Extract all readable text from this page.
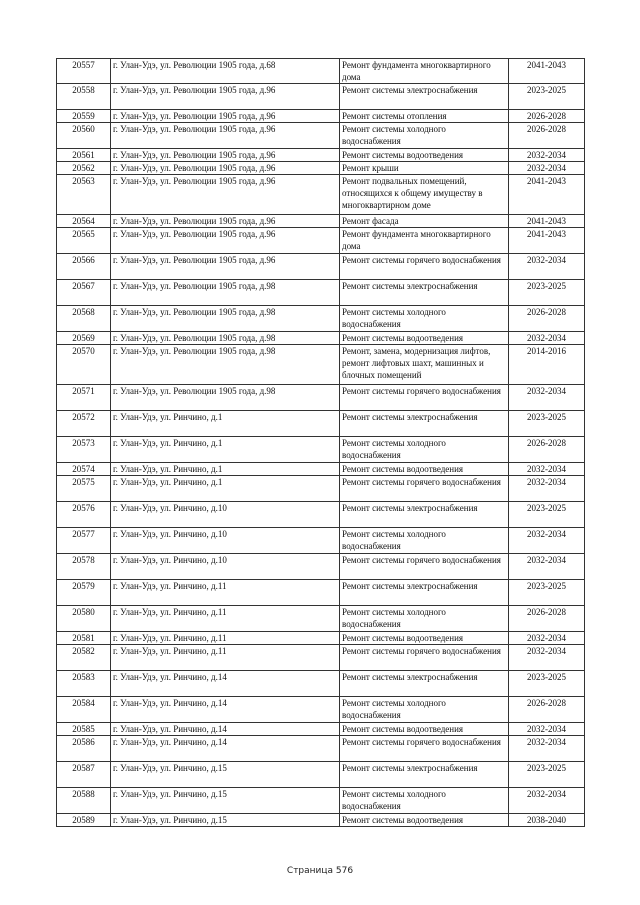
20557	г. Улан-Удэ, ул. Революции 1905 года, д.68	Ремонт фундамента многоквартирного дома	2041-2043
20558	г. Улан-Удэ, ул. Революции 1905 года, д.96	Ремонт системы электроснабжения	2023-2025
20559	г. Улан-Удэ, ул. Революции 1905 года, д.96	Ремонт системы отопления	2026-2028
20560	г. Улан-Удэ, ул. Революции 1905 года, д.96	Ремонт системы холодного водоснабжения	2026-2028
20561	г. Улан-Удэ, ул. Революции 1905 года, д.96	Ремонт системы водоотведения	2032-2034
20562	г. Улан-Удэ, ул. Революции 1905 года, д.96	Ремонт крыши	2032-2034
20563	г. Улан-Удэ, ул. Революции 1905 года, д.96	Ремонт подвальных помещений, относящихся к общему имуществу в многоквартирном доме	2041-2043
20564	г. Улан-Удэ, ул. Революции 1905 года, д.96	Ремонт фасада	2041-2043
20565	г. Улан-Удэ, ул. Революции 1905 года, д.96	Ремонт фундамента многоквартирного дома	2041-2043
20566	г. Улан-Удэ, ул. Революции 1905 года, д.96	Ремонт системы горячего водоснабжения	2032-2034
20567	г. Улан-Удэ, ул. Революции 1905 года, д.98	Ремонт системы электроснабжения	2023-2025
20568	г. Улан-Удэ, ул. Революции 1905 года, д.98	Ремонт системы холодного водоснабжения	2026-2028
20569	г. Улан-Удэ, ул. Революции 1905 года, д.98	Ремонт системы водоотведения	2032-2034
20570	г. Улан-Удэ, ул. Революции 1905 года, д.98	Ремонт, замена, модернизация лифтов, ремонт лифтовых шахт, машинных и блочных помещений	2014-2016
20571	г. Улан-Удэ, ул. Революции 1905 года, д.98	Ремонт системы горячего водоснабжения	2032-2034
20572	г. Улан-Удэ, ул. Ринчино, д.1	Ремонт системы электроснабжения	2023-2025
20573	г. Улан-Удэ, ул. Ринчино, д.1	Ремонт системы холодного водоснабжения	2026-2028
20574	г. Улан-Удэ, ул. Ринчино, д.1	Ремонт системы водоотведения	2032-2034
20575	г. Улан-Удэ, ул. Ринчино, д.1	Ремонт системы горячего водоснабжения	2032-2034
20576	г. Улан-Удэ, ул. Ринчино, д.10	Ремонт системы электроснабжения	2023-2025
20577	г. Улан-Удэ, ул. Ринчино, д.10	Ремонт системы холодного водоснабжения	2032-2034
20578	г. Улан-Удэ, ул. Ринчино, д.10	Ремонт системы горячего водоснабжения	2032-2034
20579	г. Улан-Удэ, ул. Ринчино, д.11	Ремонт системы электроснабжения	2023-2025
20580	г. Улан-Удэ, ул. Ринчино, д.11	Ремонт системы холодного водоснабжения	2026-2028
20581	г. Улан-Удэ, ул. Ринчино, д.11	Ремонт системы водоотведения	2032-2034
20582	г. Улан-Удэ, ул. Ринчино, д.11	Ремонт системы горячего водоснабжения	2032-2034
20583	г. Улан-Удэ, ул. Ринчино, д.14	Ремонт системы электроснабжения	2023-2025
20584	г. Улан-Удэ, ул. Ринчино, д.14	Ремонт системы холодного водоснабжения	2026-2028
20585	г. Улан-Удэ, ул. Ринчино, д.14	Ремонт системы водоотведения	2032-2034
20586	г. Улан-Удэ, ул. Ринчино, д.14	Ремонт системы горячего водоснабжения	2032-2034
20587	г. Улан-Удэ, ул. Ринчино, д.15	Ремонт системы электроснабжения	2023-2025
20588	г. Улан-Удэ, ул. Ринчино, д.15	Ремонт системы холодного водоснабжения	2032-2034
20589	г. Улан-Удэ, ул. Ринчино, д.15	Ремонт системы водоотведения	2038-2040
Страница 576
